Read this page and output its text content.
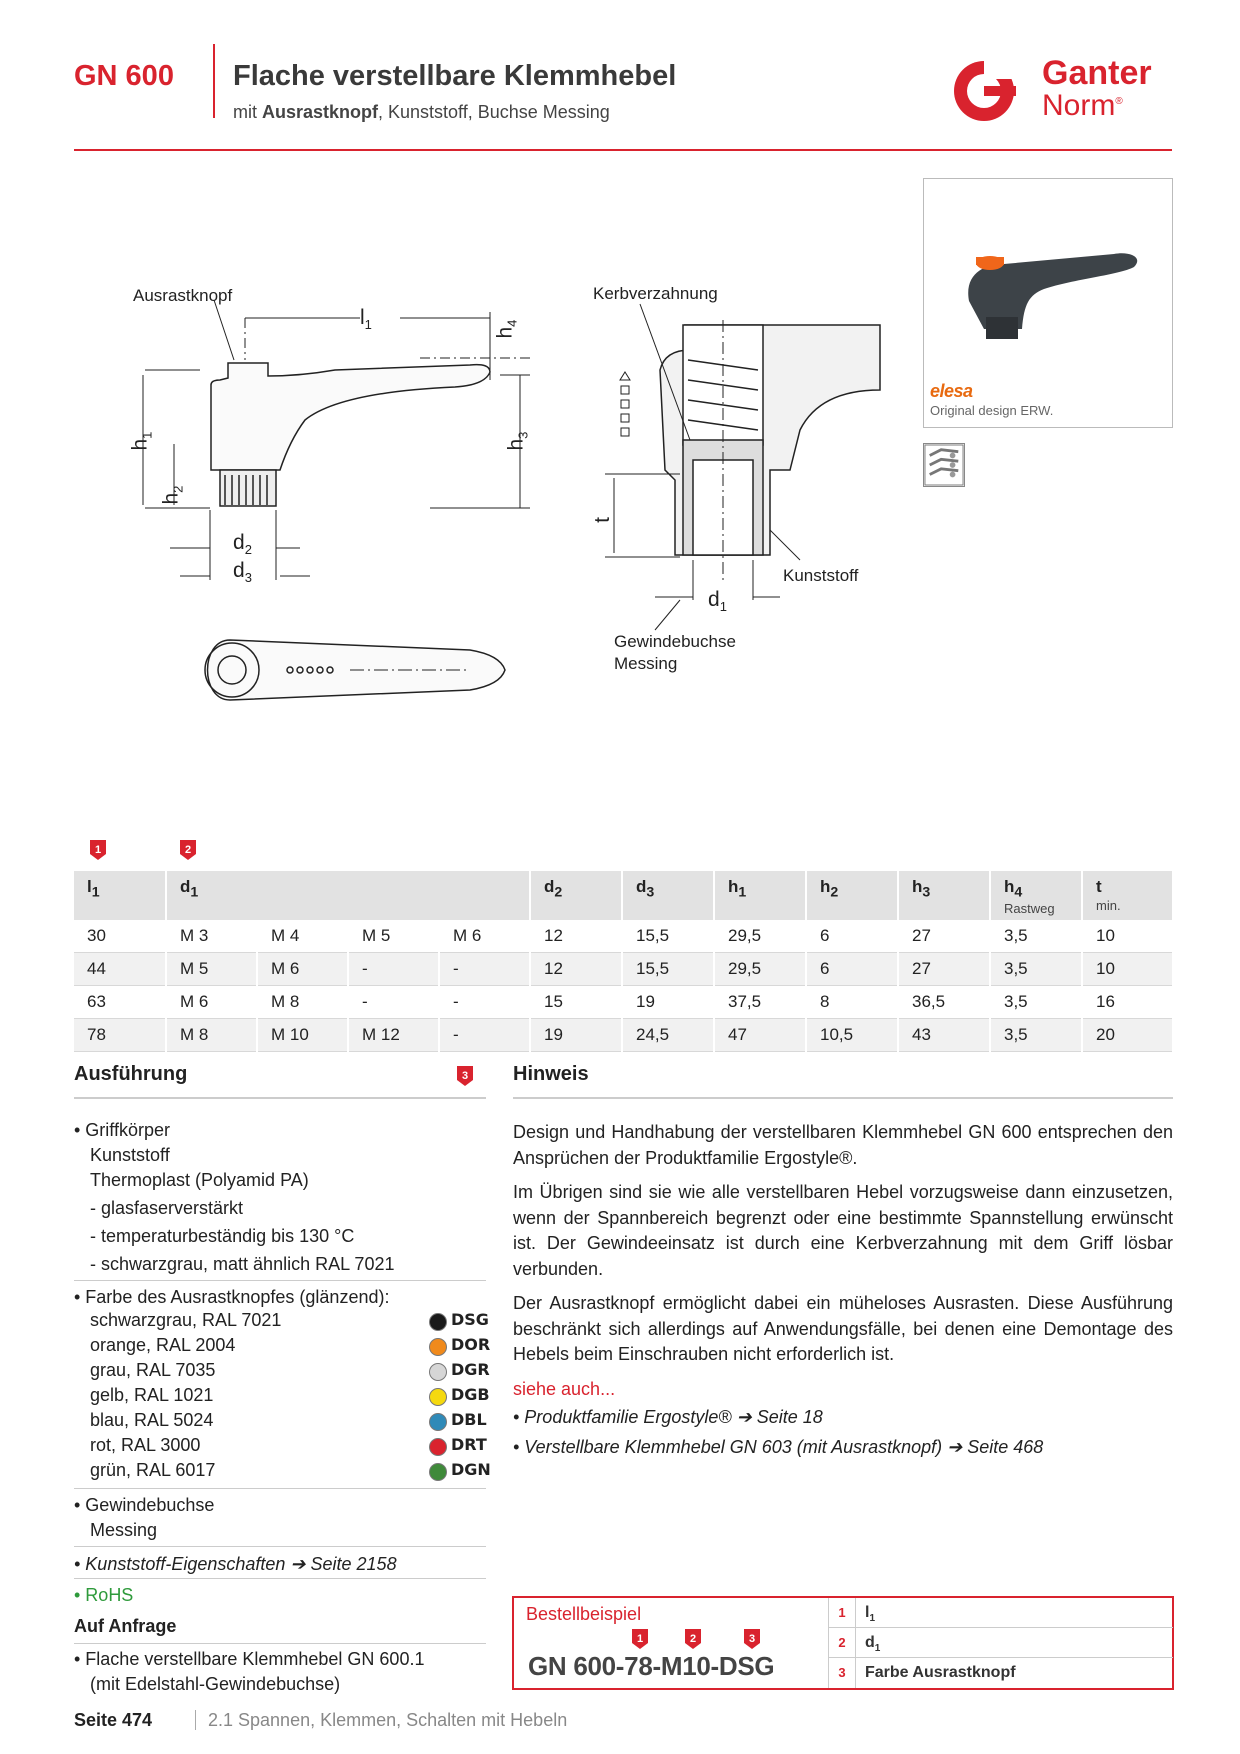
GN 600 Flache verstellbare Klemmhebel
mit Ausrastknopf, Kunststoff, Buchse Messing
Ganter
Norm®
elesa
Original design ERW.
Ausrastknopf	Kerbverzahnung
Kunststoff
Gewindebuchse
Messing
$l_1$
$h_4$
$h_1$
$h_2$
$h_3$
$d_2$
$d_3$
t
$d_1$
1	2
$l_1$	$d_1$				$d_2$	$d_3$	$h_1$	$h_2$	$h_3$	$h_4$
Rastweg	t
min.

30	M 3	M 4	M 5	M 6	12	15,5	29,5	6	27	3,5	10
44	M 5	M 6	-	-	12	15,5	29,5	6	27	3,5	10
63	M 6	M 8	-	-	15	19	37,5	8	36,5	3,5	16
78	M 8	M 10	M 12	-	19	24,5	47	10,5	43	3,5	20
Ausführung	3
• Griffkörper
Kunststoff
Thermoplast (Polyamid PA)
- glasfaserverstärkt
- temperaturbeständig bis 130 °C
- schwarzgrau, matt ähnlich RAL 7021
• Farbe des Ausrastknopfes (glänzend):
schwarzgrau, RAL 7021	DSG
orange, RAL 2004	DOR
grau, RAL 7035	DGR
gelb, RAL 1021	DGB
blau, RAL 5024	DBL
rot, RAL 3000	DRT
grün, RAL 6017	DGN
• Gewindebuchse
Messing
• Kunststoff-Eigenschaften ➔ Seite 2158
• RoHS
Auf Anfrage
• Flache verstellbare Klemmhebel GN 600.1
(mit Edelstahl-Gewindebuchse)
Hinweis

Design und Handhabung der verstellbaren Klemmhebel GN 600 entsprechen den Ansprüchen der Produktfamilie Ergostyle®.

Im Übrigen sind sie wie alle verstellbaren Hebel vorzugsweise dann einzusetzen, wenn der Spannbereich begrenzt oder eine bestimmte Spannstellung erwünscht ist. Der Gewindeeinsatz ist durch eine Kerbverzahnung mit dem Griff lösbar verbunden.

Der Ausrastknopf ermöglicht dabei ein müheloses Ausrasten. Diese Ausführung beschränkt sich allerdings auf Anwendungsfälle, bei denen eine Demontage des Hebels beim Einschrauben nicht erforderlich ist.

siehe auch...
• Produktfamilie Ergostyle® ➔ Seite 18
• Verstellbare Klemmhebel GN 603 (mit Ausrastknopf) ➔ Seite 468
Bestellbeispiel
1	2	3
GN 600-78-M10-DSG
1	$l_1$
2	$d_1$
3	Farbe Ausrastknopf
Seite 474	2.1 Spannen, Klemmen, Schalten mit Hebeln
